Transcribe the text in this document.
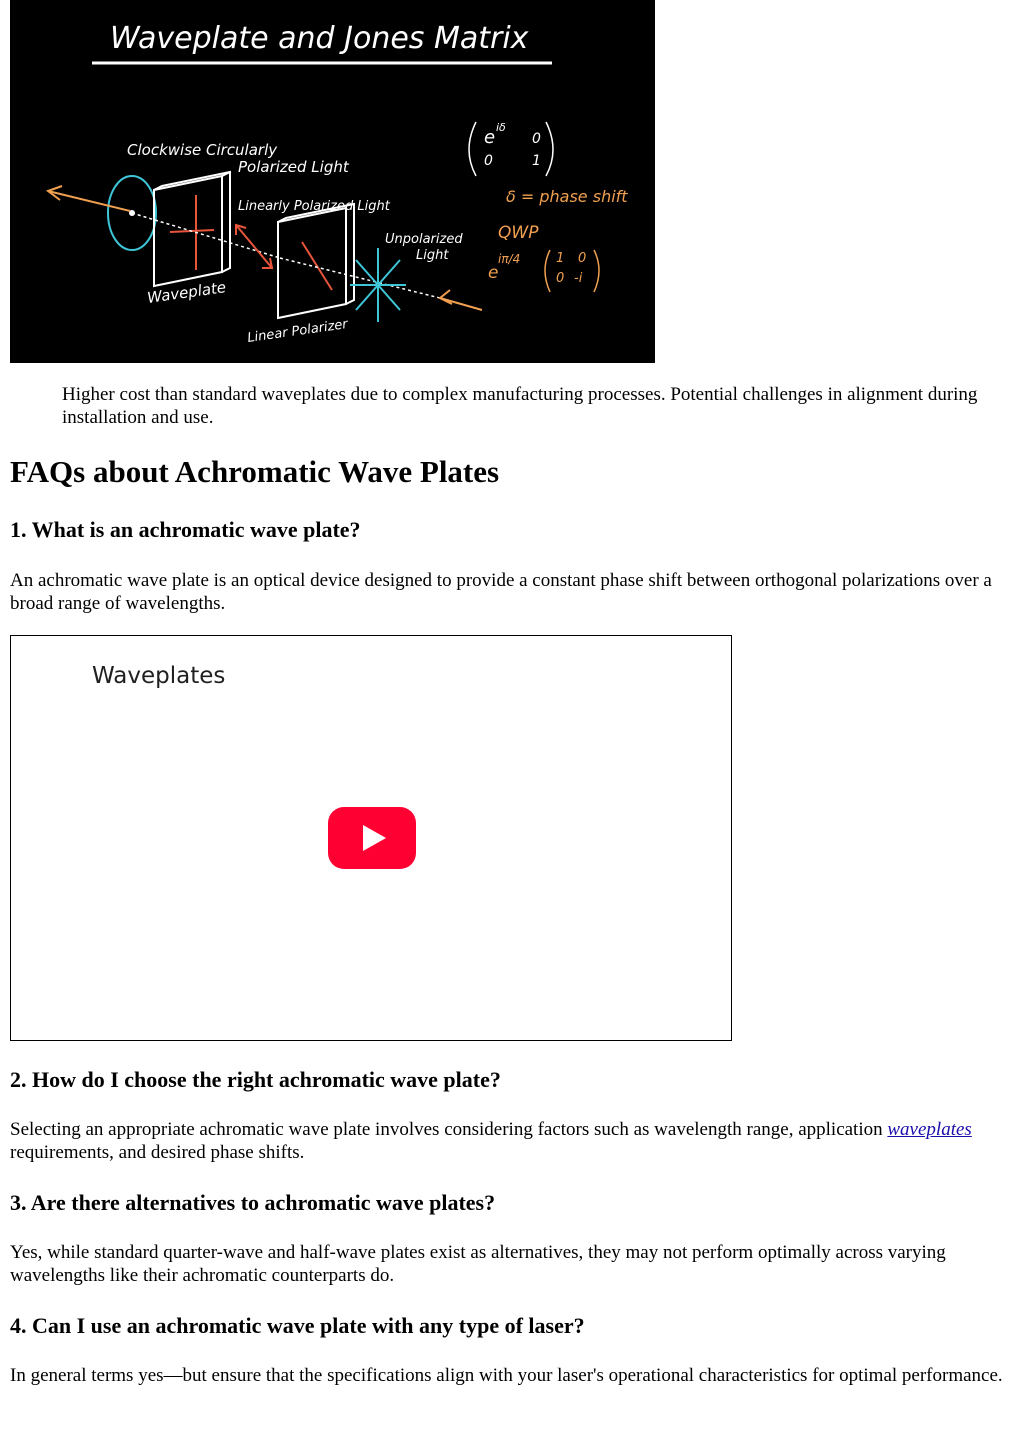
Waveplate and Jones Matrix
Clockwise Circularly
Polarized Light
Linearly Polarized Light
Unpolarized
Light
Waveplate
Linear Polarizer
e iδ
0
0	1
δ = phase shift
QWP
e
iπ/4	1 0
0 -i

Higher cost than standard waveplates due to complex manufacturing processes. Potential challenges in alignment during installation and use.

FAQs about Achromatic Wave Plates
1. What is an achromatic wave plate?

An achromatic wave plate is an optical device designed to provide a constant phase shift between orthogonal polarizations over a broad range of wavelengths.

Waveplates
2. How do I choose the right achromatic wave plate?

Selecting an appropriate achromatic wave plate involves considering factors such as wavelength range, application waveplates requirements, and desired phase shifts.

3. Are there alternatives to achromatic wave plates?

Yes, while standard quarter-wave and half-wave plates exist as alternatives, they may not perform optimally across varying wavelengths like their achromatic counterparts do.

4. Can I use an achromatic wave plate with any type of laser?

In general terms yes—but ensure that the specifications align with your laser's operational characteristics for optimal performance.
